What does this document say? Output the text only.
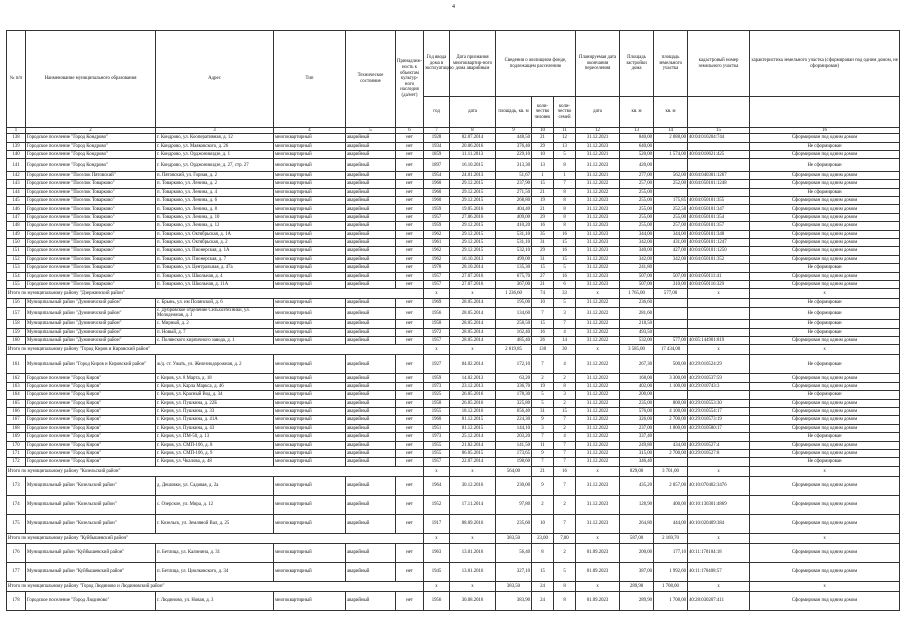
4
№ п/п	Наименование муниципального образования	Адрес	Тип	Техническое состояние	Принадлеж-ность к объектам культур-ного наследия (да/нет)	Год ввода дома в эксплуатацию	Дата признания многоквартир-ного дома аварийным	Сведения о жилищном фонде, подлежащем расселению			Планируемая дата окончания переселения	Площадь застройки дома	площадь земельного участка	кадастровый номер земельного участка	характеристика земельного участка (сформирован под одним домом, не сформирован)
						год	дата	площадь, кв. м	коли-чество человек	коли-чество семей	дата	кв. м	кв. м		
1	2	3	4	5	6	7	8	9	10	11	12	13	14	15	16
138	Городское поселение "Город Кондрово"	г. Кондрово, ул. Кооперативная, д. 12	многоквартирный	аварийный	нет	1928	02.07.2014	448,50	21	12	31.12.2021	840,00	2 088,00	40:04:010204:744	Сформирован под одним домом
139	Городское поселение "Город Кондрово"	г. Кондрово, ул. Маяковского, д. 26	многоквартирный	аварийный	нет	1934	20.06.2016	376,40	29	13	31.12.2023	640,00			Не сформирован
140	Городское поселение "Город Кондрово"	г. Кондрово, ул. Орджоникидзе, д. 1	многоквартирный	аварийный	нет	1859	11.11.2013	229,10	10	5	31.12.2021	520,00	1 574,00	40:04:010621:425	Сформирован под одним домом
141	Городское поселение "Город Кондрово"	г. Кондрово, ул. Орджоникидзе, д. 27, стр. 27	многоквартирный	аварийный	нет	1897	16.10.2015	313,30	13	8	31.12.2023	420,00			Не сформирован
142	Городское поселение "Поселок Пятовский"	п. Пятовский, ул. Горная, д. 2	многоквартирный	аварийный	нет	1954	24.01.2013	51,67	1	1	31.12.2021	277,00	562,00	40:04:040301:1267	Сформирован под одним домом
143	Городское поселение "Поселок Товарково"	п. Товарково, ул. Ленина, д. 2	многоквартирный	аварийный	нет	1960	29.12.2015	237,90	15	7	31.12.2022	257,00	252,00	40:04:050101:1248	Сформирован под одним домом
144	Городское поселение "Поселок Товарково"	п. Товарково, ул. Ленина, д. 4	многоквартирный	аварийный	нет	1960	29.12.2015	271,50	21	8	31.12.2022	255,00			Не сформирован
145	Городское поселение "Поселок Товарково"	п. Товарково, ул. Ленина, д. 6	многоквартирный	аварийный	нет	1960	29.12.2015	268,80	19	8	31.12.2023	255,00	175,85	40:04:050101:355	Сформирован под одним домом
146	Городское поселение "Поселок Товарково"	п. Товарково, ул. Ленина, д. 8	многоквартирный	аварийный	нет	1959	19.05.2016	404,40	21	8	31.12.2023	255,00	252,58	40:04:050101:347	Сформирован под одним домом
147	Городское поселение "Поселок Товарково"	п. Товарково, ул. Ленина, д. 10	многоквартирный	аварийный	нет	1957	27.06.2016	409,00	29	8	31.12.2023	255,00	255,00	40:04:050101:354	Сформирован под одним домом
148	Городское поселение "Поселок Товарково"	п. Товарково, ул. Ленина, д. 12	многоквартирный	аварийный	нет	1959	29.12.2015	410,20	16	8	31.12.2023	255,00	257,00	40:04:050101:357	Сформирован под одним домом
149	Городское поселение "Поселок Товарково"	п. Товарково, ул. Октябрьская, д. 1А	многоквартирный	аварийный	нет	1962	29.12.2015	531,10	35	16	31.12.2023	344,00	344,00	40:04:050101:348	Сформирован под одним домом
150	Городское поселение "Поселок Товарково"	п. Товарково, ул. Октябрьская, д. 2	многоквартирный	аварийный	нет	1961	29.12.2015	531,10	31	15	31.12.2023	342,00	431,00	40:04:050101:1247	Сформирован под одним домом
151	Городское поселение "Поселок Товарково"	п. Товарково, ул. Пионерская, д. 1А	многоквартирный	аварийный	нет	1962	29.12.2015	532,10	29	16	31.12.2023	340,00	427,00	40:04:050101:1250	Сформирован под одним домом
152	Городское поселение "Поселок Товарково"	п. Товарково, ул. Пионерская, д. 7	многоквартирный	аварийный	нет	1962	16.10.2013	499,00	31	15	31.12.2022	342,00	342,00	40:04:050101:352	Сформирован под одним домом
153	Городское поселение "Поселок Товарково"	п. Товарково, ул. Центральная, д. 47а	многоквартирный	аварийный	нет	1978	28.10.2014	135,30	15	5	31.12.2022	241,80			Не сформирован
154	Городское поселение "Поселок Товарково"	п. Товарково, ул. Школьная, д. 4	многоквартирный	аварийный	нет	1957	27.07.2016	675,70	27	16	31.12.2023	507,00	507,00	40:04:050111:41	Сформирован под одним домом
155	Городское поселение "Поселок Товарково"	п. Товарково, ул. Школьная, д. 11А	многоквартирный	аварийный	нет	1957	27.07.2016	367,00	21	6	31.12.2023	507,00	310,00	40:04:050116:329	Сформирован под одним домом
Итого по муниципальному району "Дзержинский район"						x	x	1 236,60	74	33	x	1 765,00	577,00	x	x
156	Муниципальный район "Думиничский район"	с. Брынь, ул. им Полянской, д. 6	многоквартирный	аварийный	нет	1969	28.05.2014	195,00	10	5	31.12.2022	236,60			Не сформирован
157	Муниципальный район "Думиничский район"	с. Дубровское отделение Сельхозтехники, ул. Молодежная, д. 1	многоквартирный	аварийный	нет	1956	28.05.2014	134,60	7	3	31.12.2022	281,60			Не сформирован
158	Муниципальный район "Думиничский район"	с. Мирный, д. 2	многоквартирный	аварийный	нет	1958	28.05.2014	258,50	15	7	31.12.2022	218,50			Не сформирован
159	Муниципальный район "Думиничский район"	п. Новый, д. 7	многоквартирный	аварийный	нет	1972	28.05.2014	162,40	16	4	31.12.2022	493,50			Не сформирован
160	Муниципальный район "Думиничский район"	с. Полянского кирпичного завода, д. 1	многоквартирный	аварийный	нет	1957	28.05.2014	485,40	26	14	31.12.2022	532,00	577,00	40:05:144901:819	Сформирован под одним домом
Итого по муниципальному району "Город Киров и Кировский район"						x	x	2 619,85	130	30	x	3 585,00	17 434,00	x	x
161	Муниципальный район "Город Киров и Кировский район"	ж/д. ст. Ужать, ул. Железнодорожная, д. 2	многоквартирный	аварийный	нет	1927	04.02.2014	172,10	7	4	31.12.2022	267,30	500,00	40:29:010524:29	Не сформирован
162	Городское поселение "Город Киров"	г. Киров, ул. 8 Марта, д. 18	многоквартирный	аварийный	нет	1959	14.02.2013	63,20	2	2	31.12.2022	168,00	3 300,00	40:29:010537:59	Сформирован под одним домом
163	Городское поселение "Город Киров"	г. Киров, ул. Карла Маркса, д. 46	многоквартирный	аварийный	нет	1973	23.12.2013	336,70	19	8	31.12.2022	402,00	1 100,00	40:29:010743:3	Сформирован под одним домом
164	Городское поселение "Город Киров"	г. Киров, ул. Красный Вод, д. 34	многоквартирный	аварийный	нет	1925	26.05.2016	178,30	5	3	31.12.2022	200,00			Не сформирован
165	Городское поселение "Город Киров"	г. Киров, ул. Пушкина, д. 22Б	многоквартирный	аварийный	нет	1958	26.05.2016	325,80	5	2	31.12.2022	235,00	800,00	40:29:010553:30	Сформирован под одним домом
166	Городское поселение "Город Киров"	г. Киров, ул. Пушкина, д. 33	многоквартирный	аварийный	нет	1955	18.12.2016	656,40	31	15	31.12.2022	576,00	4 100,00	40:29:010554:17	Сформирован под одним домом
167	Городское поселение "Город Киров"	г. Киров, ул. Пушкина, д. 41А	многоквартирный	аварийный	нет	1960	01.12.2015	224,30	9	7	31.12.2022	326,00	2 700,00	40:29:010573:19	Сформирован под одним домом
168	Городское поселение "Город Киров"	г. Киров, ул. Пушкина, д. 43	многоквартирный	аварийный	нет	1951	01.12.2015	144,10	3	2	31.12.2022	237,00	1 800,00	40:29:010580:17	Сформирован под одним домом
169	Городское поселение "Город Киров"	г. Киров, ул. ПМ-50, д. 13	многоквартирный	аварийный	нет	1973	25.12.2014	203,20	7	4	31.12.2022	337,40			Не сформирован
170	Городское поселение "Город Киров"	г. Киров, ул. СМП-106, д. 8	многоквартирный	аварийный	нет	1955	21.02.2014	141,50	11	7	31.12.2022	249,80	434,00	40:29:010527:4	Сформирован под одним домом
171	Городское поселение "Город Киров"	г. Киров, ул. СМП-106, д. 9	многоквартирный	аварийный	нет	1955	06.05.2015	173,65	9	7	31.12.2022	315,00	2 700,00	40:29:010527:8	Сформирован под одним домом
172	Городское поселение "Город Киров"	г. Киров, ул. Чкалова, д. 48	многоквартирный	аварийный	нет	1957	22.07.2014	198,60	7	7	31.12.2022	346,40			Не сформирован
Итого по муниципальному району "Козельский район"						x	x	564,00	21	16	x	829,00	3 701,00	x	x
173	Муниципальный район "Козельский район"	д. Дешовки, ул. Садовая, д. 2а	многоквартирный	аварийный	нет	1964	30.12.2016	230,00	9	7	31.12.2023	435,20	2 857,00	40:10:070402:3476	Сформирован под одним домом
174	Муниципальный район "Козельский район"	с. Озерское, ул. Мира, д. 12	многоквартирный	аварийный	нет	1952	17.11.2014	97,80	2	2	31.12.2023	128,90	400,00	40:10:130301:4869	Сформирован под одним домом
175	Муниципальный район "Козельский район"	г. Козельск, ул. Земляной Вал, д. 25	многоквартирный	аварийный	нет	1917	08.09.2016	235,60	10	7	31.12.2023	264,80	444,00	40:10:020409:384	Сформирован под одним домом
Итого по муниципальному району "Куйбышевский район"						x	x	383,50	23,00	7,00	x	587,00	2 169,70	x	x
176	Муниципальный район "Куйбышевский район"	п. Бетлица, ул. Калинина, д. 31	многоквартирный	аварийный	нет	1963	13.01.2016	56,40	8	2	01.09.2023	200,00	177,10	40:11:170104:18	Сформирован под одним домом
177	Муниципальный район "Куйбышевский район"	п. Бетлица, ул. Циолковского, д. 34	многоквартирный	аварийный	нет	1945	13.01.2016	327,10	15	5	01.09.2023	387,00	1 992,60	40:11:170408:57	Сформирован под одним домом
Итого по муниципальному району "Город Людиново и Людиновский район"						x	x	383,50	24	8	x	289,90	1 708,00	x	x
178	Городское поселение "Город Людиново"	г. Людиново, ул. Новая, д. 3	многоквартирный	аварийный	нет	1956	30.08.2016	383,90	24	8	01.09.2023	289,90	1 708,00	40:28:030207:411	Сформирован под одним домом
